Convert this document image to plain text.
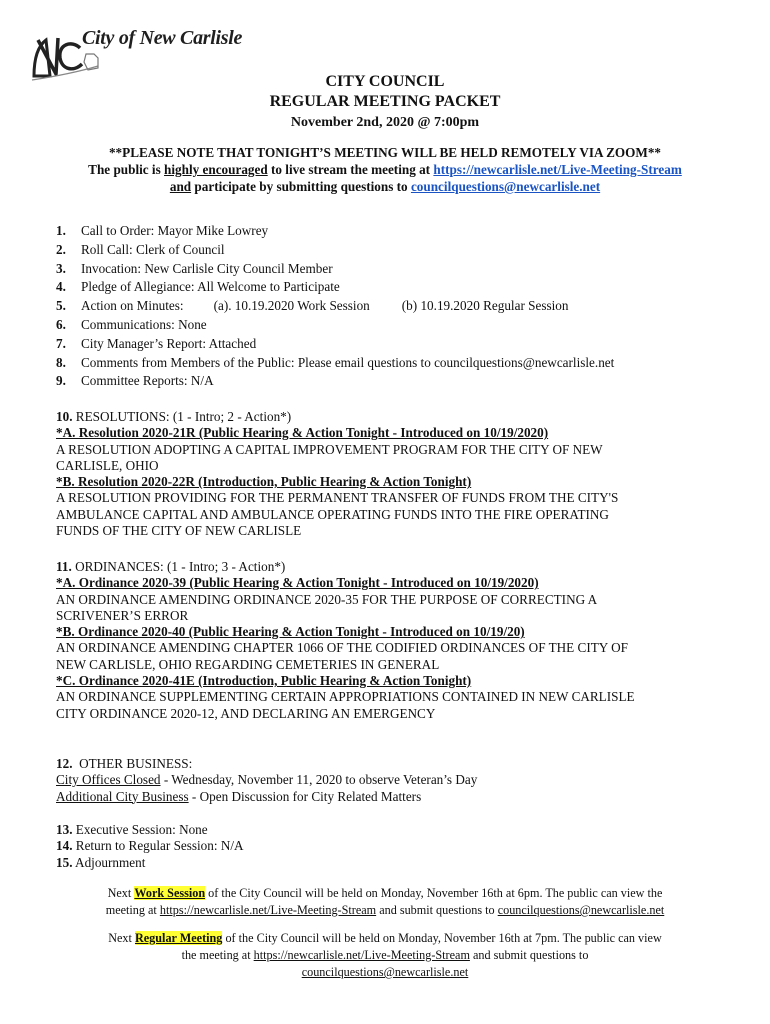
City of New Carlisle
CITY COUNCIL
REGULAR MEETING PACKET
November 2nd, 2020 @ 7:00pm
**PLEASE NOTE THAT TONIGHT’S MEETING WILL BE HELD REMOTELY VIA ZOOM**
The public is highly encouraged to live stream the meeting at https://newcarlisle.net/Live-Meeting-Stream
and participate by submitting questions to councilquestions@newcarlisle.net
1. Call to Order: Mayor Mike Lowrey
2. Roll Call: Clerk of Council
3. Invocation: New Carlisle City Council Member
4. Pledge of Allegiance: All Welcome to Participate
5. Action on Minutes: (a). 10.19.2020 Work Session (b) 10.19.2020 Regular Session
6. Communications: None
7. City Manager’s Report: Attached
8. Comments from Members of the Public: Please email questions to councilquestions@newcarlisle.net
9. Committee Reports: N/A
10. RESOLUTIONS: (1 - Intro; 2 - Action*)
*A. Resolution 2020-21R (Public Hearing & Action Tonight - Introduced on 10/19/2020)
A RESOLUTION ADOPTING A CAPITAL IMPROVEMENT PROGRAM FOR THE CITY OF NEW
CARLISLE, OHIO
*B. Resolution 2020-22R (Introduction, Public Hearing & Action Tonight)
A RESOLUTION PROVIDING FOR THE PERMANENT TRANSFER OF FUNDS FROM THE CITY'S
AMBULANCE CAPITAL AND AMBULANCE OPERATING FUNDS INTO THE FIRE OPERATING
FUNDS OF THE CITY OF NEW CARLISLE
11. ORDINANCES: (1 - Intro; 3 - Action*)
*A. Ordinance 2020-39 (Public Hearing & Action Tonight - Introduced on 10/19/2020)
AN ORDINANCE AMENDING ORDINANCE 2020-35 FOR THE PURPOSE OF CORRECTING A
SCRIVENER’S ERROR
*B. Ordinance 2020-40 (Public Hearing & Action Tonight - Introduced on 10/19/20)
AN ORDINANCE AMENDING CHAPTER 1066 OF THE CODIFIED ORDINANCES OF THE CITY OF
NEW CARLISLE, OHIO REGARDING CEMETERIES IN GENERAL
*C. Ordinance 2020-41E (Introduction, Public Hearing & Action Tonight)
AN ORDINANCE SUPPLEMENTING CERTAIN APPROPRIATIONS CONTAINED IN NEW CARLISLE
CITY ORDINANCE 2020-12, AND DECLARING AN EMERGENCY
12.  OTHER BUSINESS:
City Offices Closed - Wednesday, November 11, 2020 to observe Veteran’s Day
Additional City Business - Open Discussion for City Related Matters
13. Executive Session: None
14. Return to Regular Session: N/A
15. Adjournment
Next Work Session of the City Council will be held on Monday, November 16th at 6pm. The public can view the
meeting at https://newcarlisle.net/Live-Meeting-Stream and submit questions to councilquestions@newcarlisle.net
Next Regular Meeting of the City Council will be held on Monday, November 16th at 7pm. The public can view
the meeting at https://newcarlisle.net/Live-Meeting-Stream and submit questions to
councilquestions@newcarlisle.net
